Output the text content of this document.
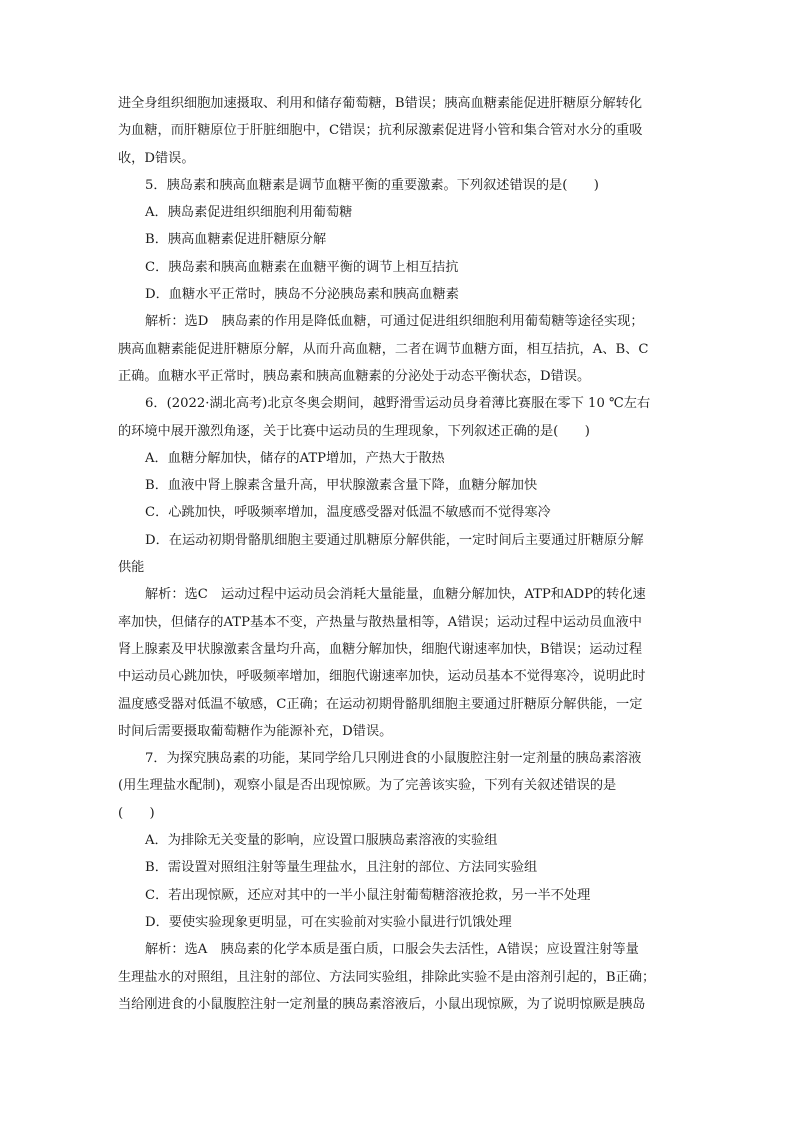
进全身组织细胞加速摄取、利用和储存葡萄糖，B错误；胰高血糖素能促进肝糖原分解转化
为血糖，而肝糖原位于肝脏细胞中，C错误；抗利尿激素促进肾小管和集合管对水分的重吸
收，D错误。
5．胰岛素和胰高血糖素是调节血糖平衡的重要激素。下列叙述错误的是(　　)
A．胰岛素促进组织细胞利用葡萄糖
B．胰高血糖素促进肝糖原分解
C．胰岛素和胰高血糖素在血糖平衡的调节上相互拮抗
D．血糖水平正常时，胰岛不分泌胰岛素和胰高血糖素
解析：选D　胰岛素的作用是降低血糖，可通过促进组织细胞利用葡萄糖等途径实现；
胰高血糖素能促进肝糖原分解，从而升高血糖，二者在调节血糖方面，相互拮抗，A、B、C
正确。血糖水平正常时，胰岛素和胰高血糖素的分泌处于动态平衡状态，D错误。
6．(2022·湖北高考)北京冬奥会期间，越野滑雪运动员身着薄比赛服在零下 10 ℃左右
的环境中展开激烈角逐，关于比赛中运动员的生理现象，下列叙述正确的是(　　)
A．血糖分解加快，储存的ATP增加，产热大于散热
B．血液中肾上腺素含量升高，甲状腺激素含量下降，血糖分解加快
C．心跳加快，呼吸频率增加，温度感受器对低温不敏感而不觉得寒冷
D．在运动初期骨骼肌细胞主要通过肌糖原分解供能，一定时间后主要通过肝糖原分解
供能
解析：选C　运动过程中运动员会消耗大量能量，血糖分解加快，ATP和ADP的转化速
率加快，但储存的ATP基本不变，产热量与散热量相等，A错误；运动过程中运动员血液中
肾上腺素及甲状腺激素含量均升高，血糖分解加快，细胞代谢速率加快，B错误；运动过程
中运动员心跳加快，呼吸频率增加，细胞代谢速率加快，运动员基本不觉得寒冷，说明此时
温度感受器对低温不敏感，C正确；在运动初期骨骼肌细胞主要通过肝糖原分解供能，一定
时间后需要摄取葡萄糖作为能源补充，D错误。
7．为探究胰岛素的功能，某同学给几只刚进食的小鼠腹腔注射一定剂量的胰岛素溶液
(用生理盐水配制)，观察小鼠是否出现惊厥。为了完善该实验，下列有关叙述错误的是
(　　)
A．为排除无关变量的影响，应设置口服胰岛素溶液的实验组
B．需设置对照组注射等量生理盐水，且注射的部位、方法同实验组
C．若出现惊厥，还应对其中的一半小鼠注射葡萄糖溶液抢救，另一半不处理
D．要使实验现象更明显，可在实验前对实验小鼠进行饥饿处理
解析：选A　胰岛素的化学本质是蛋白质，口服会失去活性，A错误；应设置注射等量
生理盐水的对照组，且注射的部位、方法同实验组，排除此实验不是由溶剂引起的，B正确；
当给刚进食的小鼠腹腔注射一定剂量的胰岛素溶液后，小鼠出现惊厥，为了说明惊厥是胰岛
